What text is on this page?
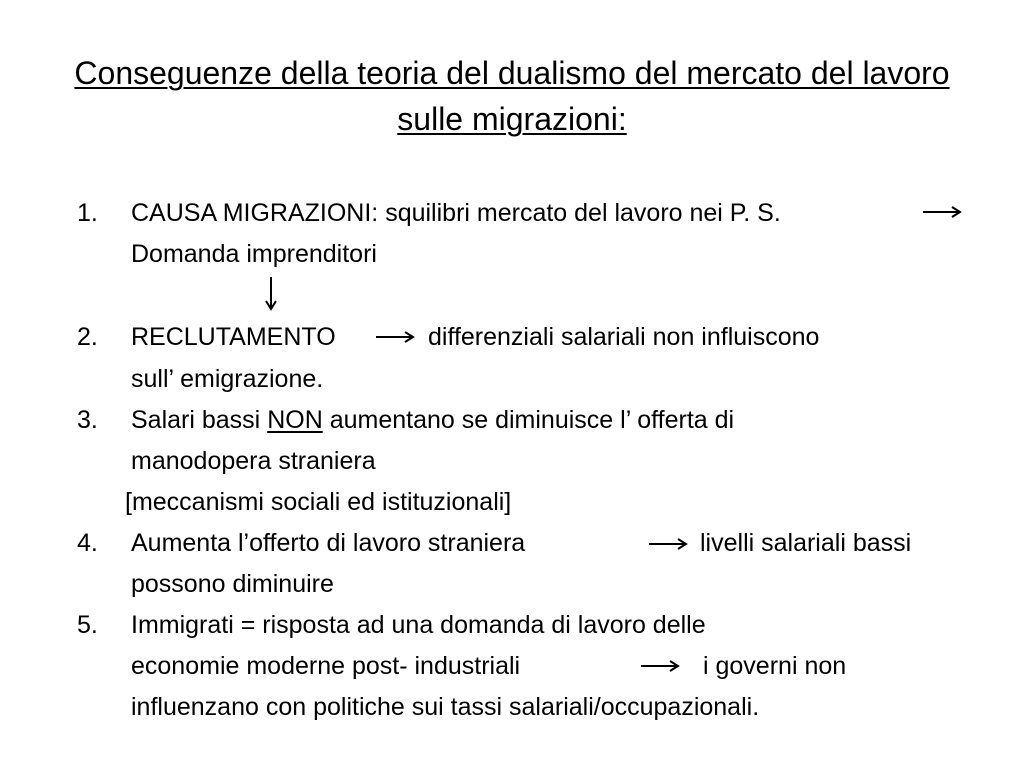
Conseguenze della teoria del dualismo del mercato del lavoro sulle migrazioni:
1. CAUSA MIGRAZIONI: squilibri mercato del lavoro nei P. S.
Domanda imprenditori
2. RECLUTAMENTO	differenziali salariali non influiscono
sull’ emigrazione.
3. Salari bassi NON aumentano se diminuisce l’ offerta di
manodopera straniera
[meccanismi sociali ed istituzionali]
4. Aumenta l’offerto di lavoro straniera	livelli salariali bassi
possono diminuire
5. Immigrati = risposta ad una domanda di lavoro delle
economie moderne post- industriali	i governi non
influenzano con politiche sui tassi salariali/occupazionali.
